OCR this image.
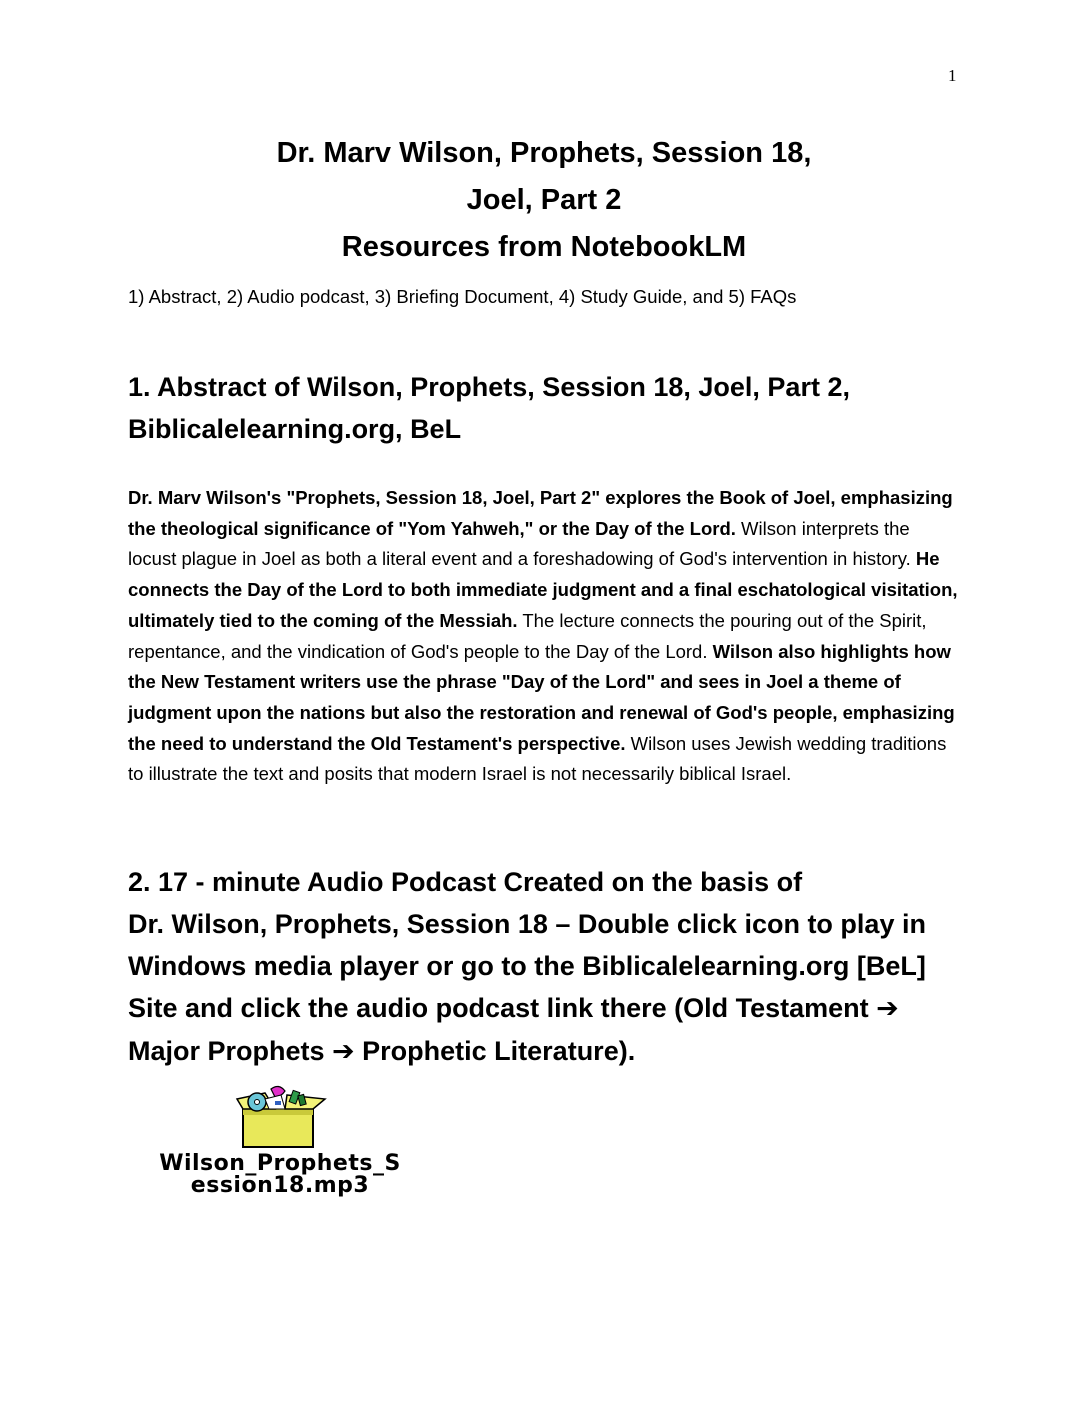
1
Dr. Marv Wilson, Prophets, Session 18,
Joel, Part 2
Resources from NotebookLM
1) Abstract, 2) Audio podcast, 3) Briefing Document, 4) Study Guide, and 5) FAQs
1. Abstract of Wilson, Prophets, Session 18, Joel, Part 2,
Biblicalelearning.org, BeL

Dr. Marv Wilson's "Prophets, Session 18, Joel, Part 2" explores the Book of Joel, emphasizing the theological significance of "Yom Yahweh," or the Day of the Lord. Wilson interprets the locust plague in Joel as both a literal event and a foreshadowing of God's intervention in history. He connects the Day of the Lord to both immediate judgment and a final eschatological visitation, ultimately tied to the coming of the Messiah. The lecture connects the pouring out of the Spirit, repentance, and the vindication of God's people to the Day of the Lord. Wilson also highlights how the New Testament writers use the phrase "Day of the Lord" and sees in Joel a theme of judgment upon the nations but also the restoration and renewal of God's people, emphasizing the need to understand the Old Testament's perspective. Wilson uses Jewish wedding traditions to illustrate the text and posits that modern Israel is not necessarily biblical Israel.

2. 17 - minute Audio Podcast Created on the basis of
Dr. Wilson, Prophets, Session 18 – Double click icon to play in
Windows media player or go to the Biblicalelearning.org [BeL]
Site and click the audio podcast link there (Old Testament ➔
Major Prophets ➔ Prophetic Literature).
Wilson_Prophets_S
ession18.mp3
